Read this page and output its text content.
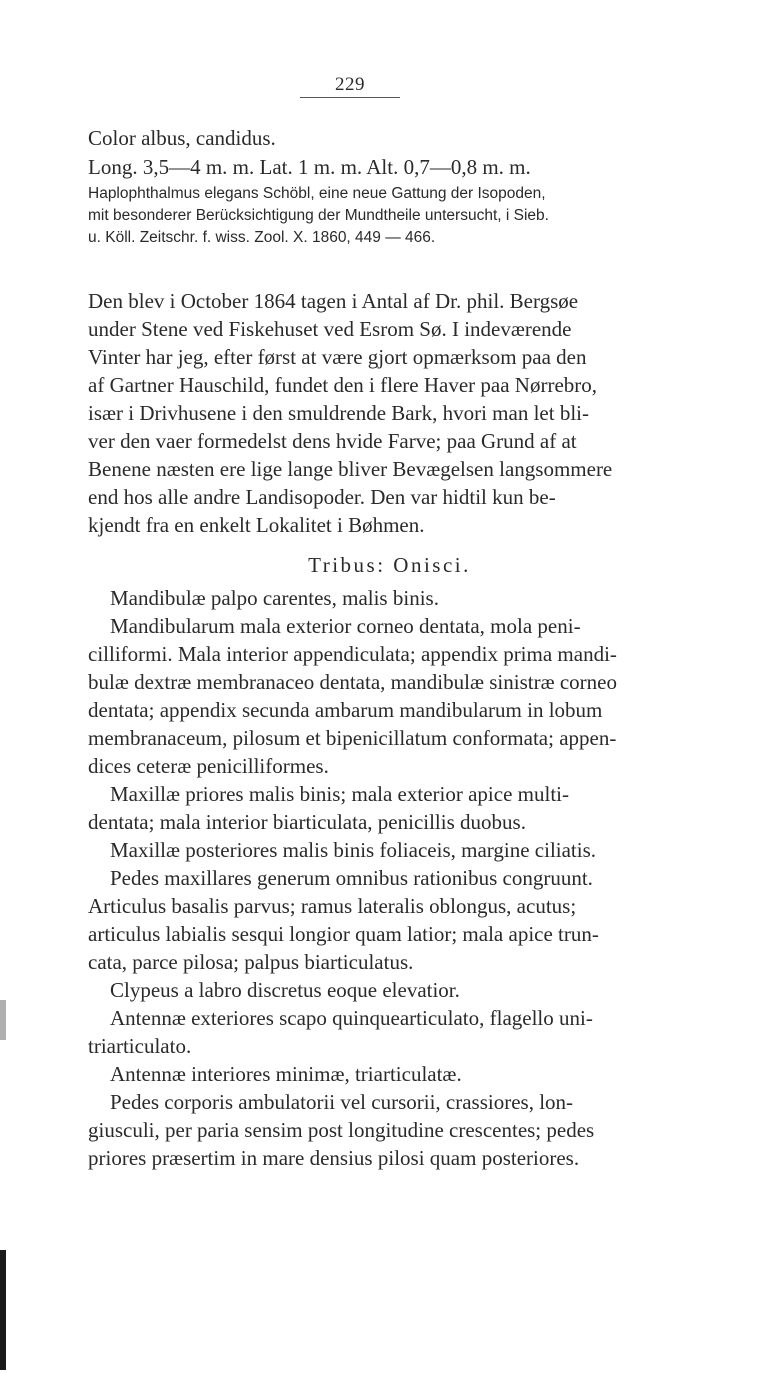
229
Color albus, candidus.
Long. 3,5—4 m. m. Lat. 1 m. m. Alt. 0,7—0,8 m. m.
Haplophthalmus elegans Schöbl, eine neue Gattung der Isopoden,
mit besonderer Berücksichtigung der Mundtheile untersucht, i Sieb.
u. Köll. Zeitschr. f. wiss. Zool. X. 1860, 449 — 466.
Den blev i October 1864 tagen i Antal af Dr. phil. Bergsøe
under Stene ved Fiskehuset ved Esrom Sø. I indeværende
Vinter har jeg, efter først at være gjort opmærksom paa den
af Gartner Hauschild, fundet den i flere Haver paa Nørrebro,
især i Drivhusene i den smuldrende Bark, hvori man let bli-
ver den vaer formedelst dens hvide Farve; paa Grund af at
Benene næsten ere lige lange bliver Bevægelsen langsommere
end hos alle andre Landisopoder. Den var hidtil kun be-
kjendt fra en enkelt Lokalitet i Bøhmen.
Tribus: Onisci.
Mandibulæ palpo carentes, malis binis.
Mandibularum mala exterior corneo dentata, mola peni-
cilliformi. Mala interior appendiculata; appendix prima mandi-
bulæ dextræ membranaceo dentata, mandibulæ sinistræ corneo
dentata; appendix secunda ambarum mandibularum in lobum
membranaceum, pilosum et bipenicillatum conformata; appen-
dices ceteræ penicilliformes.
Maxillæ priores malis binis; mala exterior apice multi-
dentata; mala interior biarticulata, penicillis duobus.
Maxillæ posteriores malis binis foliaceis, margine ciliatis.
Pedes maxillares generum omnibus rationibus congruunt.
Articulus basalis parvus; ramus lateralis oblongus, acutus;
articulus labialis sesqui longior quam latior; mala apice trun-
cata, parce pilosa; palpus biarticulatus.
Clypeus a labro discretus eoque elevatior.
Antennæ exteriores scapo quinquearticulato, flagello uni-
triarticulato.
Antennæ interiores minimæ, triarticulatæ.
Pedes corporis ambulatorii vel cursorii, crassiores, lon-
giusculi, per paria sensim post longitudine crescentes; pedes
priores præsertim in mare densius pilosi quam posteriores.
